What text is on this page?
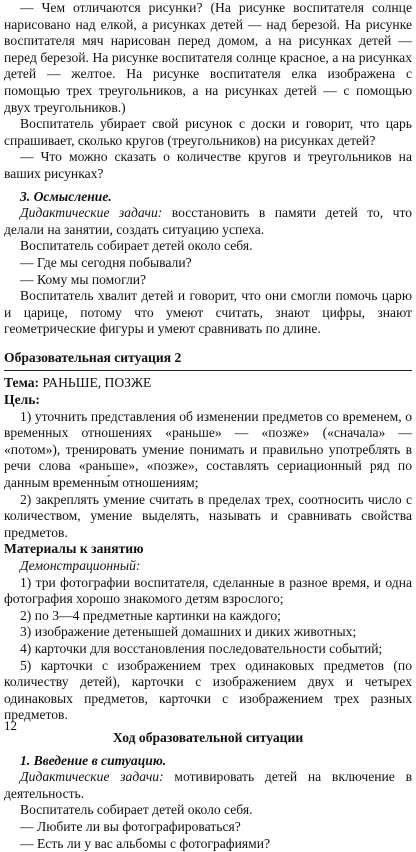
— Чем отличаются рисунки? (На рисунке воспитателя солнце нарисовано над елкой, а рисунках детей — над березой. На рисунке воспитателя мяч нарисован перед домом, а на рисунках детей — перед березой. На рисунке воспитателя солнце красное, а на рисунках детей — желтое. На рисунке воспитателя елка изображена с помощью трех треугольников, а на рисунках детей — с помощью двух треугольников.)

Воспитатель убирает свой рисунок с доски и говорит, что царь спрашивает, сколько кругов (треугольников) на рисунках детей?

— Что можно сказать о количестве кругов и треугольников на ваших рисунках?

3. Осмысление.

Дидактические задачи: восстановить в памяти детей то, что делали на занятии, создать ситуацию успеха.

Воспитатель собирает детей около себя.

— Где мы сегодня побывали?

— Кому мы помогли?

Воспитатель хвалит детей и говорит, что они смогли помочь царю и царице, потому что умеют считать, знают цифры, знают геометрические фигуры и умеют сравнивать по длине.

Образовательная ситуация 2

Тема: РАНЬШЕ, ПОЗЖЕ

Цель:

1) уточнить представления об изменении предметов со временем, о временных отношениях «раньше» — «позже» («сначала» — «потом»), тренировать умение понимать и правильно употреблять в речи слова «раньше», «позже», составлять сериационный ряд по данным временны́м отношениям;

2) закреплять умение считать в пределах трех, соотносить число с количеством, умение выделять, называть и сравнивать свойства предметов.

Материалы к занятию

Демонстрационный:

1) три фотографии воспитателя, сделанные в разное время, и одна фотография хорошо знакомого детям взрослого;

2) по 3—4 предметные картинки на каждого;

3) изображение детенышей домашних и диких животных;

4) карточки для восстановления последовательности событий;

5) карточки с изображением трех одинаковых предметов (по количеству детей), карточки с изображением двух и четырех одинаковых предметов, карточки с изображением трех разных предметов.

Ход образовательной ситуации

1. Введение в ситуацию.

Дидактические задачи: мотивировать детей на включение в деятельность.

Воспитатель собирает детей около себя.

— Любите ли вы фотографироваться?

— Есть ли у вас альбомы с фотографиями?

12
